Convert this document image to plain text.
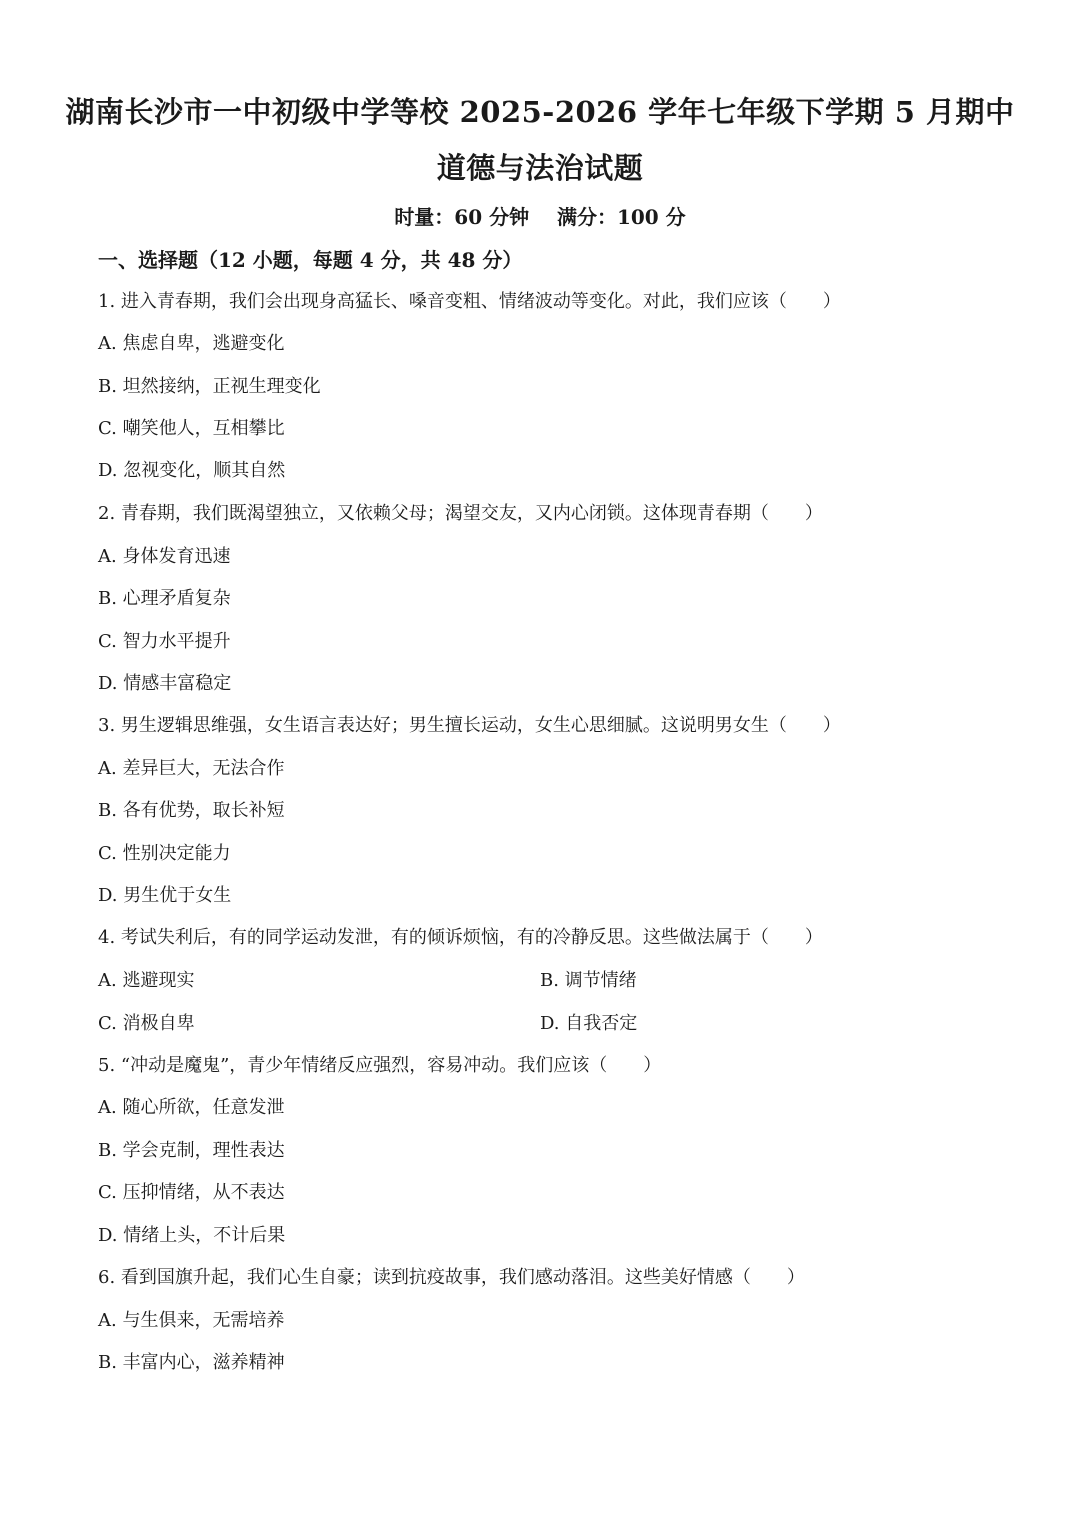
湖南长沙市一中初级中学等校 2025-2026 学年七年级下学期 5 月期中
道德与法治试题
时量：60 分钟    满分：100 分
一、选择题（12 小题，每题 4 分，共 48 分）
1. 进入青春期，我们会出现身高猛长、嗓音变粗、情绪波动等变化。对此，我们应该（　　）
A. 焦虑自卑，逃避变化
B. 坦然接纳，正视生理变化
C. 嘲笑他人，互相攀比
D. 忽视变化，顺其自然
2. 青春期，我们既渴望独立，又依赖父母；渴望交友，又内心闭锁。这体现青春期（　　）
A. 身体发育迅速
B. 心理矛盾复杂
C. 智力水平提升
D. 情感丰富稳定
3. 男生逻辑思维强，女生语言表达好；男生擅长运动，女生心思细腻。这说明男女生（　　）
A. 差异巨大，无法合作
B. 各有优势，取长补短
C. 性别决定能力
D. 男生优于女生
4. 考试失利后，有的同学运动发泄，有的倾诉烦恼，有的冷静反思。这些做法属于（　　）
A. 逃避现实	B. 调节情绪
C. 消极自卑	D. 自我否定
5. “冲动是魔鬼”，青少年情绪反应强烈，容易冲动。我们应该（　　）
A. 随心所欲，任意发泄
B. 学会克制，理性表达
C. 压抑情绪，从不表达
D. 情绪上头，不计后果
6. 看到国旗升起，我们心生自豪；读到抗疫故事，我们感动落泪。这些美好情感（　　）
A. 与生俱来，无需培养
B. 丰富内心，滋养精神
